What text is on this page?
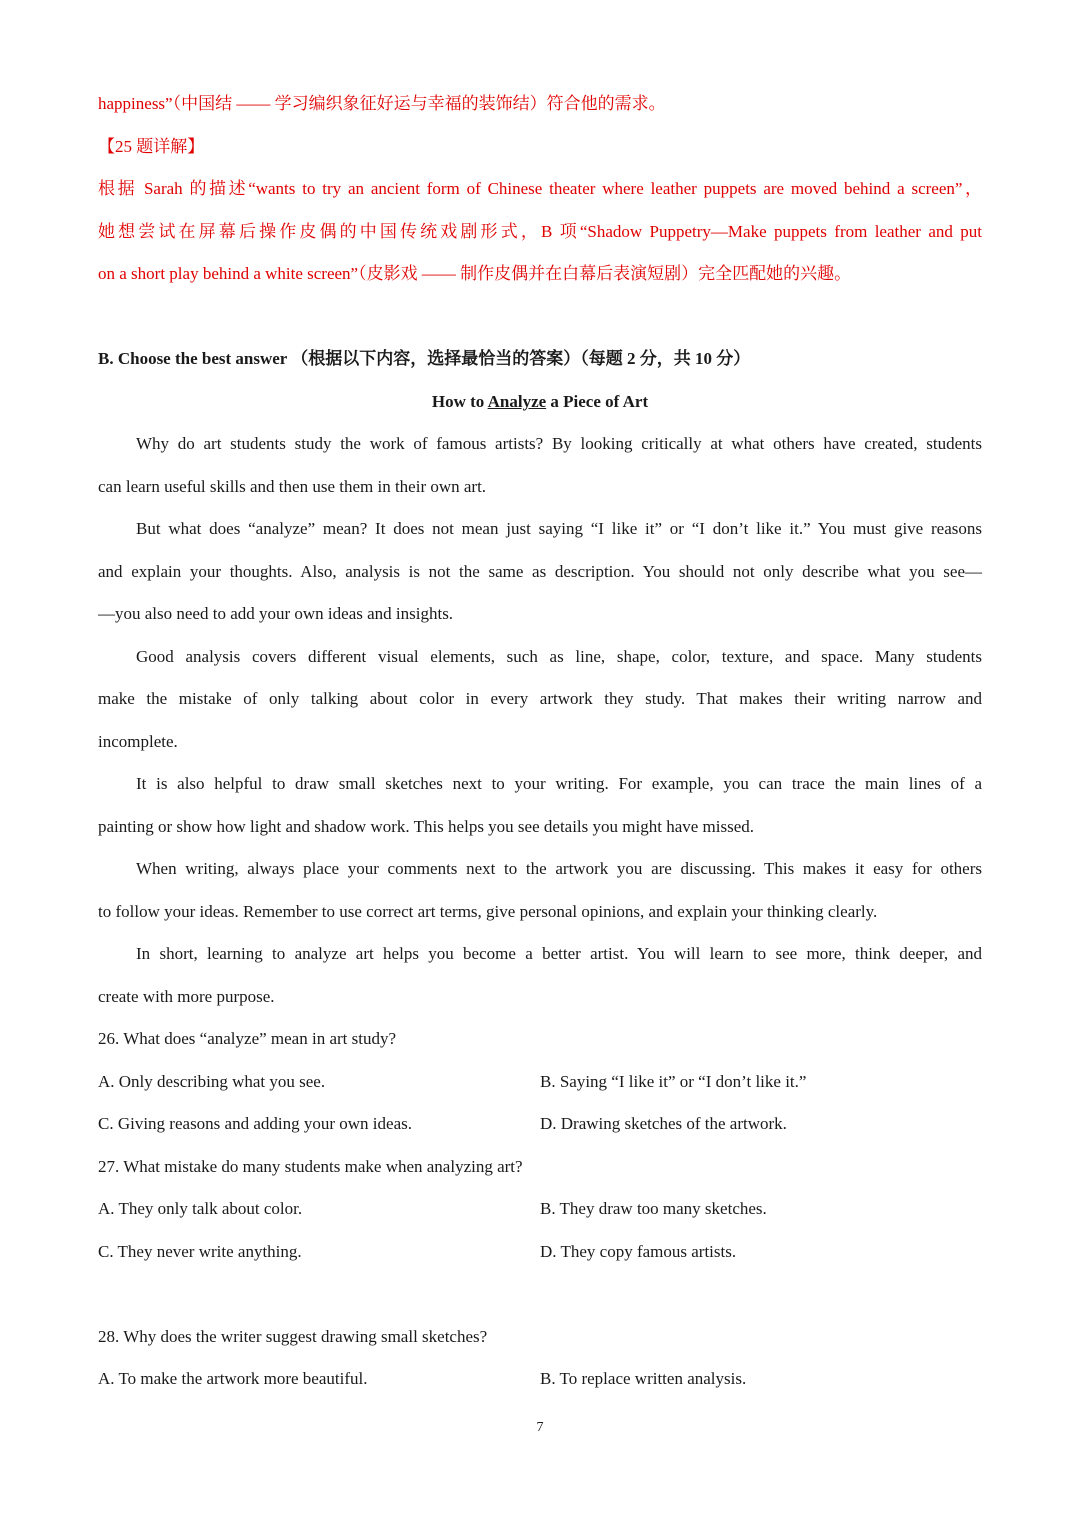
happiness”（中国结 —— 学习编织象征好运与幸福的装饰结）符合他的需求。
【25 题详解】
根据 Sarah 的描述“wants to try an ancient form of Chinese theater where leather puppets are moved behind a screen”，
她想尝试在屏幕后操作皮偶的中国传统戏剧形式，B 项“Shadow Puppetry—Make puppets from leather and put
on a short play behind a white screen”（皮影戏 —— 制作皮偶并在白幕后表演短剧）完全匹配她的兴趣。
B. Choose the best answer （根据以下内容，选择最恰当的答案）（每题 2 分，共 10 分）
How to Analyze a Piece of Art
Why do art students study the work of famous artists? By looking critically at what others have created, students
can learn useful skills and then use them in their own art.
But what does “analyze” mean? It does not mean just saying “I like it” or “I don’t like it.” You must give reasons
and explain your thoughts. Also, analysis is not the same as description. You should not only describe what you see—
—you also need to add your own ideas and insights.
Good analysis covers different visual elements, such as line, shape, color, texture, and space. Many students
make the mistake of only talking about color in every artwork they study. That makes their writing narrow and
incomplete.
It is also helpful to draw small sketches next to your writing. For example, you can trace the main lines of a
painting or show how light and shadow work. This helps you see details you might have missed.
When writing, always place your comments next to the artwork you are discussing. This makes it easy for others
to follow your ideas. Remember to use correct art terms, give personal opinions, and explain your thinking clearly.
In short, learning to analyze art helps you become a better artist. You will learn to see more, think deeper, and
create with more purpose.
26. What does “analyze” mean in art study?
A. Only describing what you see.	B. Saying “I like it” or “I don’t like it.”
C. Giving reasons and adding your own ideas.	D. Drawing sketches of the artwork.
27. What mistake do many students make when analyzing art?
A. They only talk about color.	B. They draw too many sketches.
C. They never write anything.	D. They copy famous artists.
28. Why does the writer suggest drawing small sketches?
A. To make the artwork more beautiful.	B. To replace written analysis.
7
